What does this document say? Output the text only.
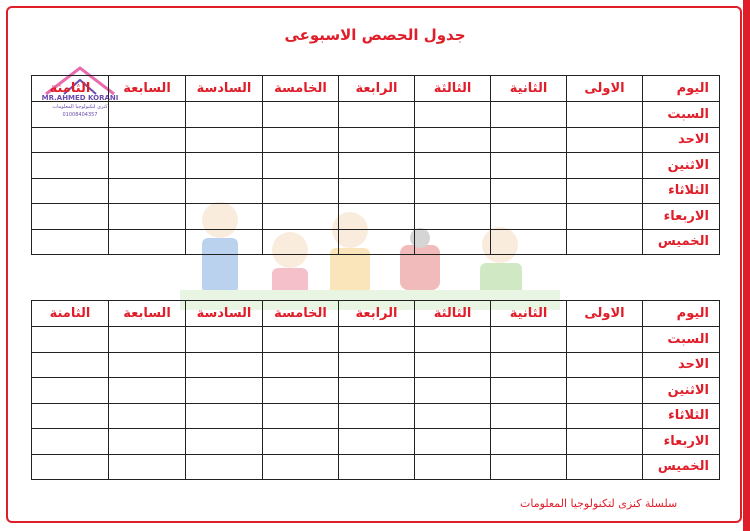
جدول الحصص الاسبوعى
MR.AHMED KORANI
كنزى لتكنولوجيا المعلومات
01008404357
اليوم	الاولى	الثانية	الثالثة	الرابعة	الخامسة	السادسة	السابعة	الثامنة
السبت								
الاحد								
الاثنين								
الثلاثاء								
الاربعاء								
الخميس								
اليوم	الاولى	الثانية	الثالثة	الرابعة	الخامسة	السادسة	السابعة	الثامنة
السبت								
الاحد								
الاثنين								
الثلاثاء								
الاربعاء								
الخميس								
سلسلة كنزى لتكنولوجيا المعلومات
